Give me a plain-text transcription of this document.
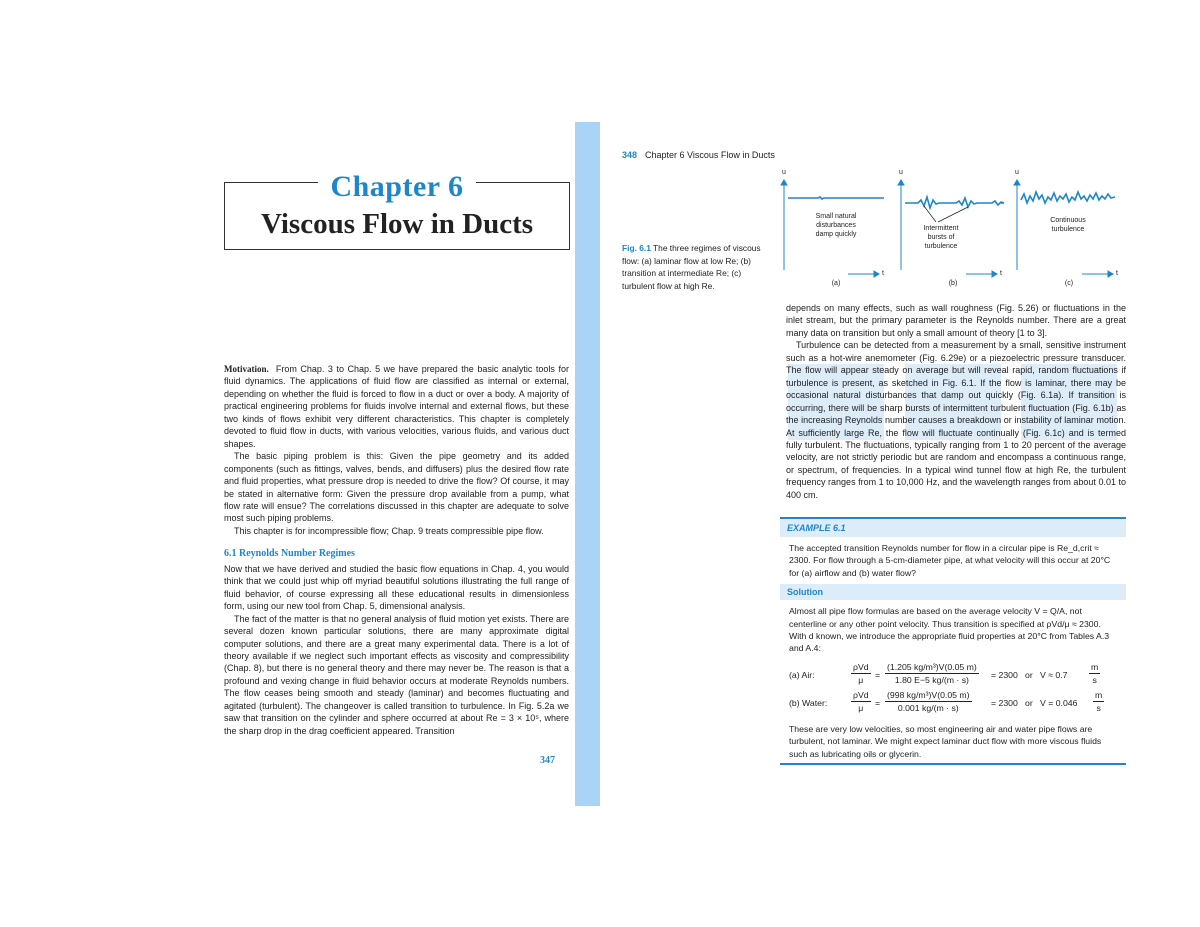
Chapter 6
Viscous Flow in Ducts

Motivation. From Chap. 3 to Chap. 5 we have prepared the basic analytic tools for fluid dynamics. The applications of fluid flow are classified as internal or external, depending on whether the fluid is forced to flow in a duct or over a body. A majority of practical engineering problems for fluids involve internal and external flows, but these two kinds of flows exhibit very different characteristics. This chapter is completely devoted to fluid flow in ducts, with various velocities, various fluids, and various duct shapes.

The basic piping problem is this: Given the pipe geometry and its added components (such as fittings, valves, bends, and diffusers) plus the desired flow rate and fluid properties, what pressure drop is needed to drive the flow? Of course, it may be stated in alternative form: Given the pressure drop available from a pump, what flow rate will ensue? The correlations discussed in this chapter are adequate to solve most such piping problems.

This chapter is for incompressible flow; Chap. 9 treats compressible pipe flow.

6.1 Reynolds Number Regimes

Now that we have derived and studied the basic flow equations in Chap. 4, you would think that we could just whip off myriad beautiful solutions illustrating the full range of fluid behavior, of course expressing all these educational results in dimensionless form, using our new tool from Chap. 5, dimensional analysis.

The fact of the matter is that no general analysis of fluid motion yet exists. There are several dozen known particular solutions, there are many approximate digital computer solutions, and there are a great many experimental data. There is a lot of theory available if we neglect such important effects as viscosity and compressibility (Chap. 8), but there is no general theory and there may never be. The reason is that a profound and vexing change in fluid behavior occurs at moderate Reynolds numbers. The flow ceases being smooth and steady (laminar) and becomes fluctuating and agitated (turbulent). The changeover is called transition to turbulence. In Fig. 5.2a we saw that transition on the cylinder and sphere occurred at about Re = 3 × 10⁵, where the sharp drop in the drag coefficient appeared. Transition

347
348 Chapter 6 Viscous Flow in Ducts
Fig. 6.1 The three regimes of viscous flow: (a) laminar flow at low Re; (b) transition at intermediate Re; (c) turbulent flow at high Re.
u	u	u
t	t	t
Small natural disturbances damp quickly
Intermittent bursts of turbulence
Continuous turbulence
(a)	(b)	(c)

depends on many effects, such as wall roughness (Fig. 5.26) or fluctuations in the inlet stream, but the primary parameter is the Reynolds number. There are a great many data on transition but only a small amount of theory [1 to 3].

Turbulence can be detected from a measurement by a small, sensitive instrument such as a hot-wire anemometer (Fig. 6.29e) or a piezoelectric pressure transducer. The flow will appear steady on average but will reveal rapid, random fluctuations if turbulence is present, as sketched in Fig. 6.1. If the flow is laminar, there may be occasional natural disturbances that damp out quickly (Fig. 6.1a). If transition is occurring, there will be sharp bursts of intermittent turbulent fluctuation (Fig. 6.1b) as the increasing Reynolds number causes a breakdown or instability of laminar motion. At sufficiently large Re, the flow will fluctuate continually (Fig. 6.1c) and is termed fully turbulent. The fluctuations, typically ranging from 1 to 20 percent of the average velocity, are not strictly periodic but are random and encompass a continuous range, or spectrum, of frequencies. In a typical wind tunnel flow at high Re, the turbulent frequency ranges from 1 to 10,000 Hz, and the wavelength ranges from about 0.01 to 400 cm.

EXAMPLE 6.1

The accepted transition Reynolds number for flow in a circular pipe is Re_d,crit ≈ 2300. For flow through a 5-cm-diameter pipe, at what velocity will this occur at 20°C for (a) airflow and (b) water flow?

Solution

Almost all pipe flow formulas are based on the average velocity V = Q/A, not centerline or any other point velocity. Thus transition is specified at ρVd/μ ≈ 2300. With d known, we introduce the appropriate fluid properties at 20°C from Tables A.3 and A.4:

(a) Air:
ρVd
μ
= $\frac{\text{(1.205 kg/m³)V(0.05 m)}}{1.80 E-5 kg/(m \cdot s)} = 2300$   or   $V \approx 0.7 \frac{m}{s}$
(b) Water:
ρVd
μ
= $\frac{\text{(998 kg/m³)V(0.05 m)}}{0.001 kg/(m \cdot s)} = 2300$   or   $V = 0.046 \frac{m}{s}$

These are very low velocities, so most engineering air and water pipe flows are turbulent, not laminar. We might expect laminar duct flow with more viscous fluids such as lubricating oils or glycerin.
